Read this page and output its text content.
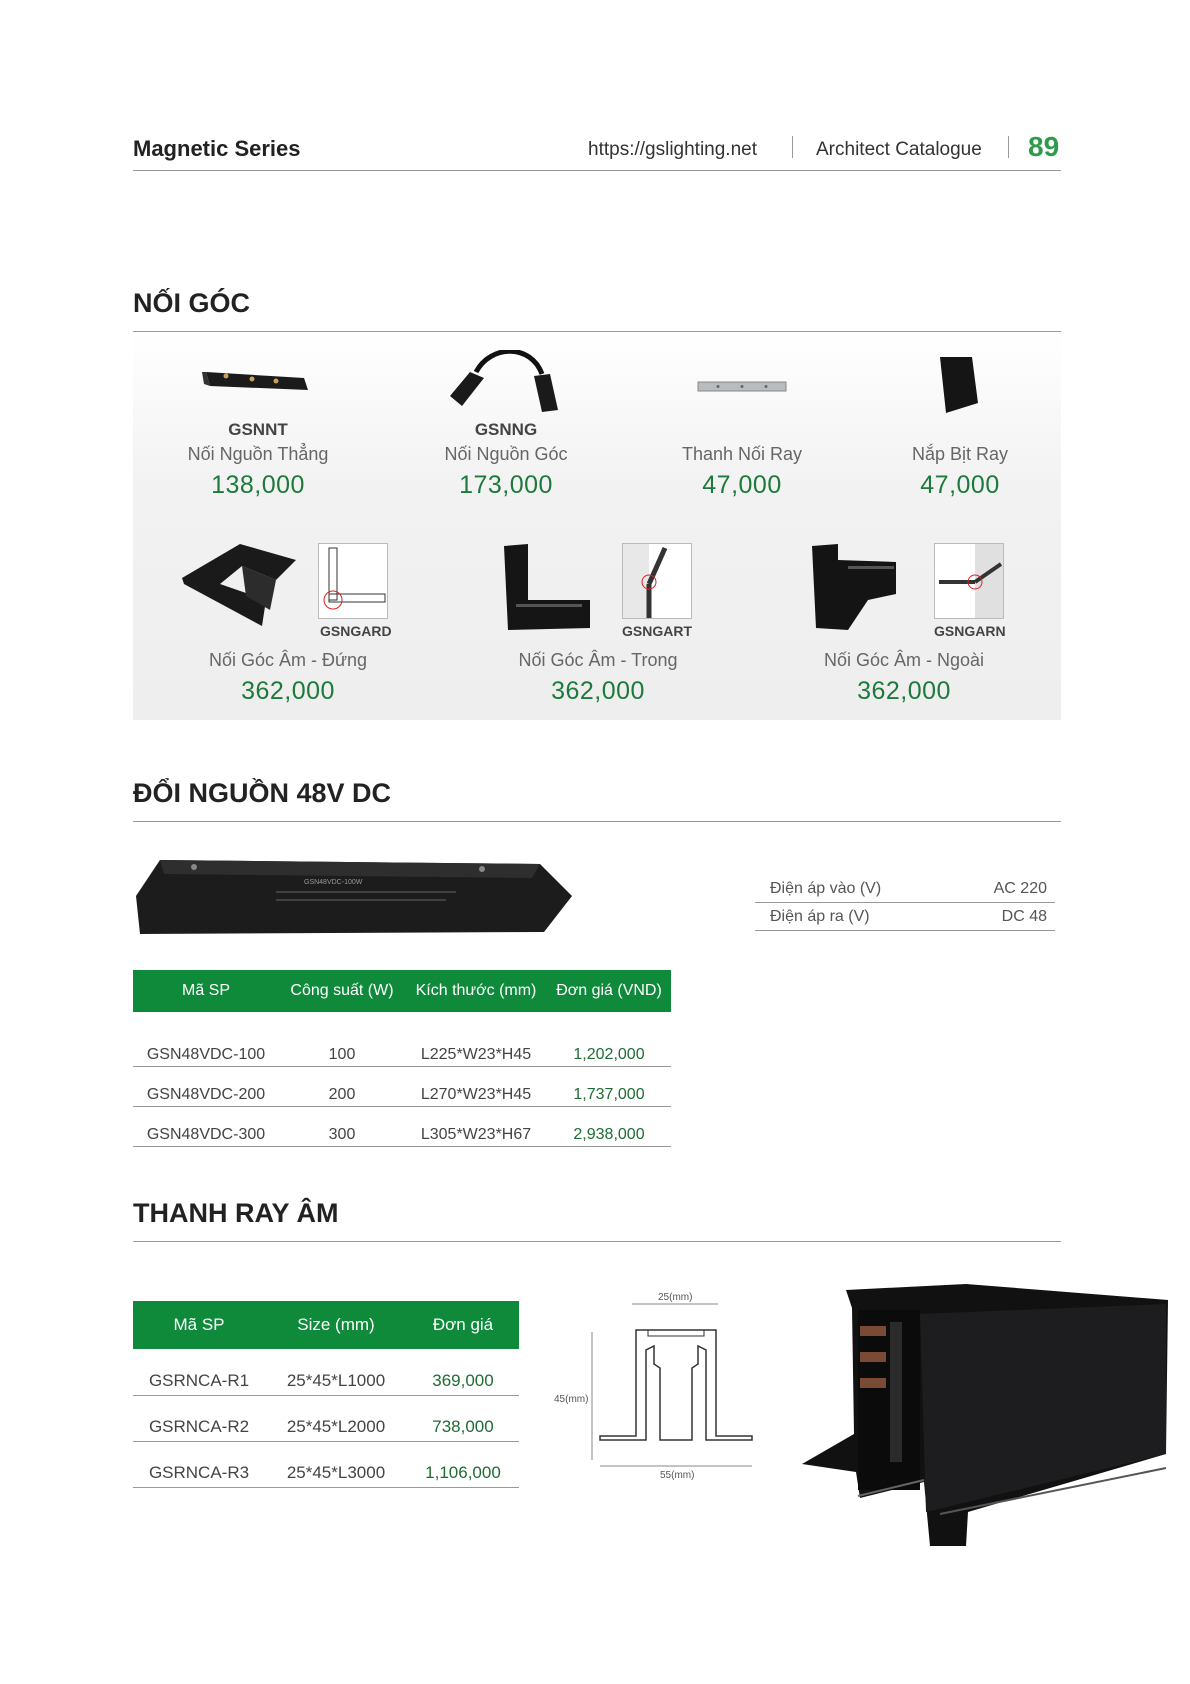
Magnetic Series	https://gslighting.net	Architect Catalogue 89
NỐI GÓC
GSNNT
Nối Nguồn Thẳng
138,000
GSNNG
Nối Nguồn Góc
173,000
Thanh Nối Ray
47,000
Nắp Bịt Ray
47,000
GSNGARD	GSNGART	GSNGARN
Nối Góc Âm - Đứng
362,000
Nối Góc Âm - Trong
362,000
Nối Góc Âm - Ngoài
362,000
ĐỔI NGUỒN 48V DC
GSN48VDC-100W	Điện áp vào (V)	AC 220
Điện áp ra (V)	DC 48
Mã SP	Công suất (W)	Kích thước (mm)	Đơn giá (VND)
GSN48VDC-100	100	L225*W23*H45	1,202,000
GSN48VDC-200	200	L270*W23*H45	1,737,000
GSN48VDC-300	300	L305*W23*H67	2,938,000
THANH RAY ÂM
Mã SP	Size (mm)	Đơn giá
GSRNCA-R1	25*45*L1000	369,000
GSRNCA-R2	25*45*L2000	738,000
GSRNCA-R3	25*45*L3000	1,106,000
25(mm)
45(mm)
55(mm)
